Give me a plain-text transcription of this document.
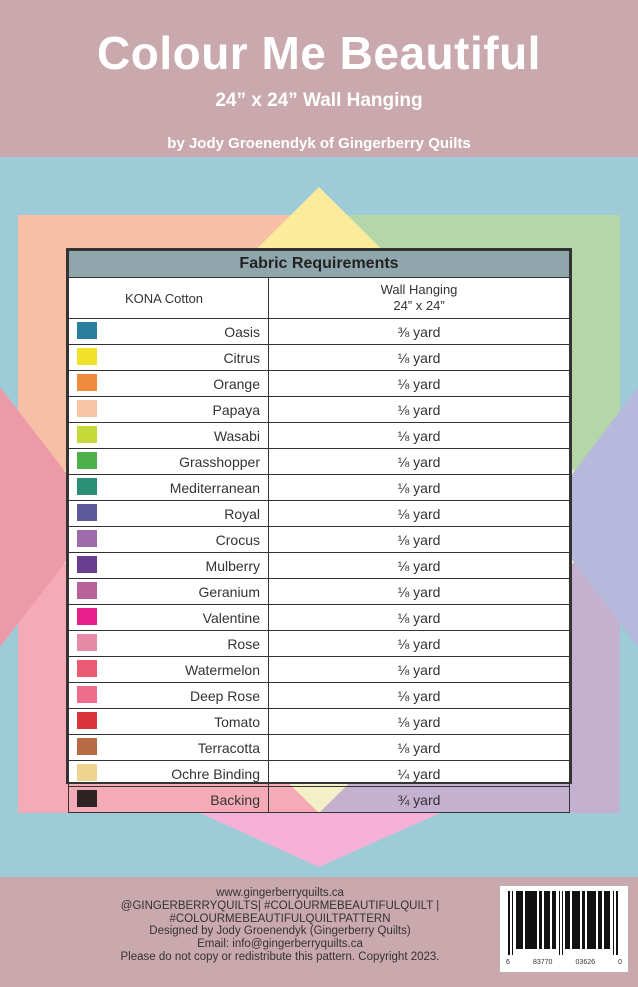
Colour Me Beautiful
24” x 24” Wall Hanging
by Jody Groenendyk of Gingerberry Quilts
Fabric Requirements	
KONA Cotton	Wall Hanging
24” x 24”

Oasis	⅜ yard

Citrus	⅛ yard

Orange	⅛ yard

Papaya	⅛ yard

Wasabi	⅛ yard

Grasshopper	⅛ yard

Mediterranean	⅛ yard

Royal	⅛ yard

Crocus	⅛ yard

Mulberry	⅛ yard

Geranium	⅛ yard

Valentine	⅛ yard

Rose	⅛ yard

Watermelon	⅛ yard

Deep Rose	⅛ yard

Tomato	⅛ yard

Terracotta	⅛ yard

Ochre Binding	¼ yard

Backing	¾ yard
www.gingerberryquilts.ca
@GINGERBERRYQUILTS| #COLOURMEBEAUTIFULQUILT |
#COLOURMEBEAUTIFULQUILTPATTERN
Designed by Jody Groenendyk (Gingerberry Quilts)
Email: info@gingerberryquilts.ca
Please do not copy or redistribute this pattern. Copyright 2023.	6	83770	03626	0
